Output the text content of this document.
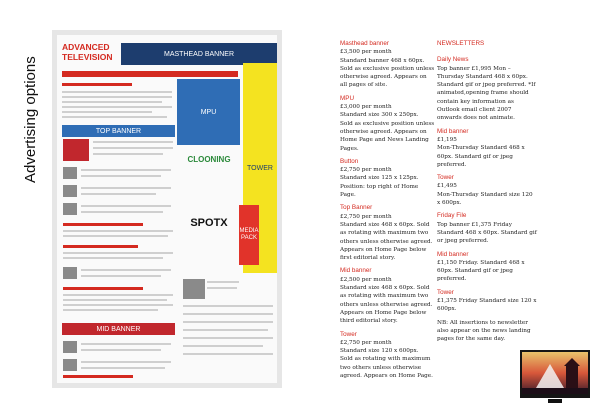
Advertising options
ADVANCED TELEVISION	MASTHEAD BANNER
MPU
TOP BANNER
CLOONING
SPOTX
TOWER
MEDIA PACK
MID BANNER

Masthead banner

£3,500 per month
Standard banner 468 x 60px.
Sold as exclusive position unless otherwise agreed. Appears on all pages of site.

MPU

£3,000 per month
Standard size 300 x 250px.
Sold as exclusive position unless otherwise agreed. Appears on Home Page and News Landing Pages.

Button

£2,750 per month
Standard size 125 x 125px.
Position: top right of Home Page.

Top Banner

£2,750 per month
Standard size 468 x 60px. Sold as rotating with maximum two others unless otherwise agreed. Appears on Home Page below first editorial story.

Mid banner

£2,500 per month
Standard size 468 x 60px. Sold as rotating with maximum two others unless otherwise agreed. Appears on Home Page below third editorial story.

Tower

£2,750 per month
Standard size 120 x 600px.
Sold as rotating with maximum two others unless otherwise agreed. Appears on Home Page.

NEWSLETTERS

Daily News

Top banner £1,995 Mon – Thursday Standard 468 x 60px. Standard gif or jpeg preferred. *If animated,opening frame should contain key information as Outlook email client 2007 onwards does not animate.

Mid banner

£1,195
Mon-Thursday Standard 468 x 60px. Standard gif or jpeg preferred.

Tower

£1,495
Mon-Thursday Standard size 120 x 600px.

Friday File

Top banner £1,375 Friday Standard 468 x 60px. Standard gif or jpeg preferred.

Mid banner

£1,150 Friday. Standard 468 x 60px. Standard gif or jpeg preferred.

Tower

£1,375 Friday Standard size 120 x 600px.

NB: All insertions to newsletter also appear on the news landing pages for the same day.
